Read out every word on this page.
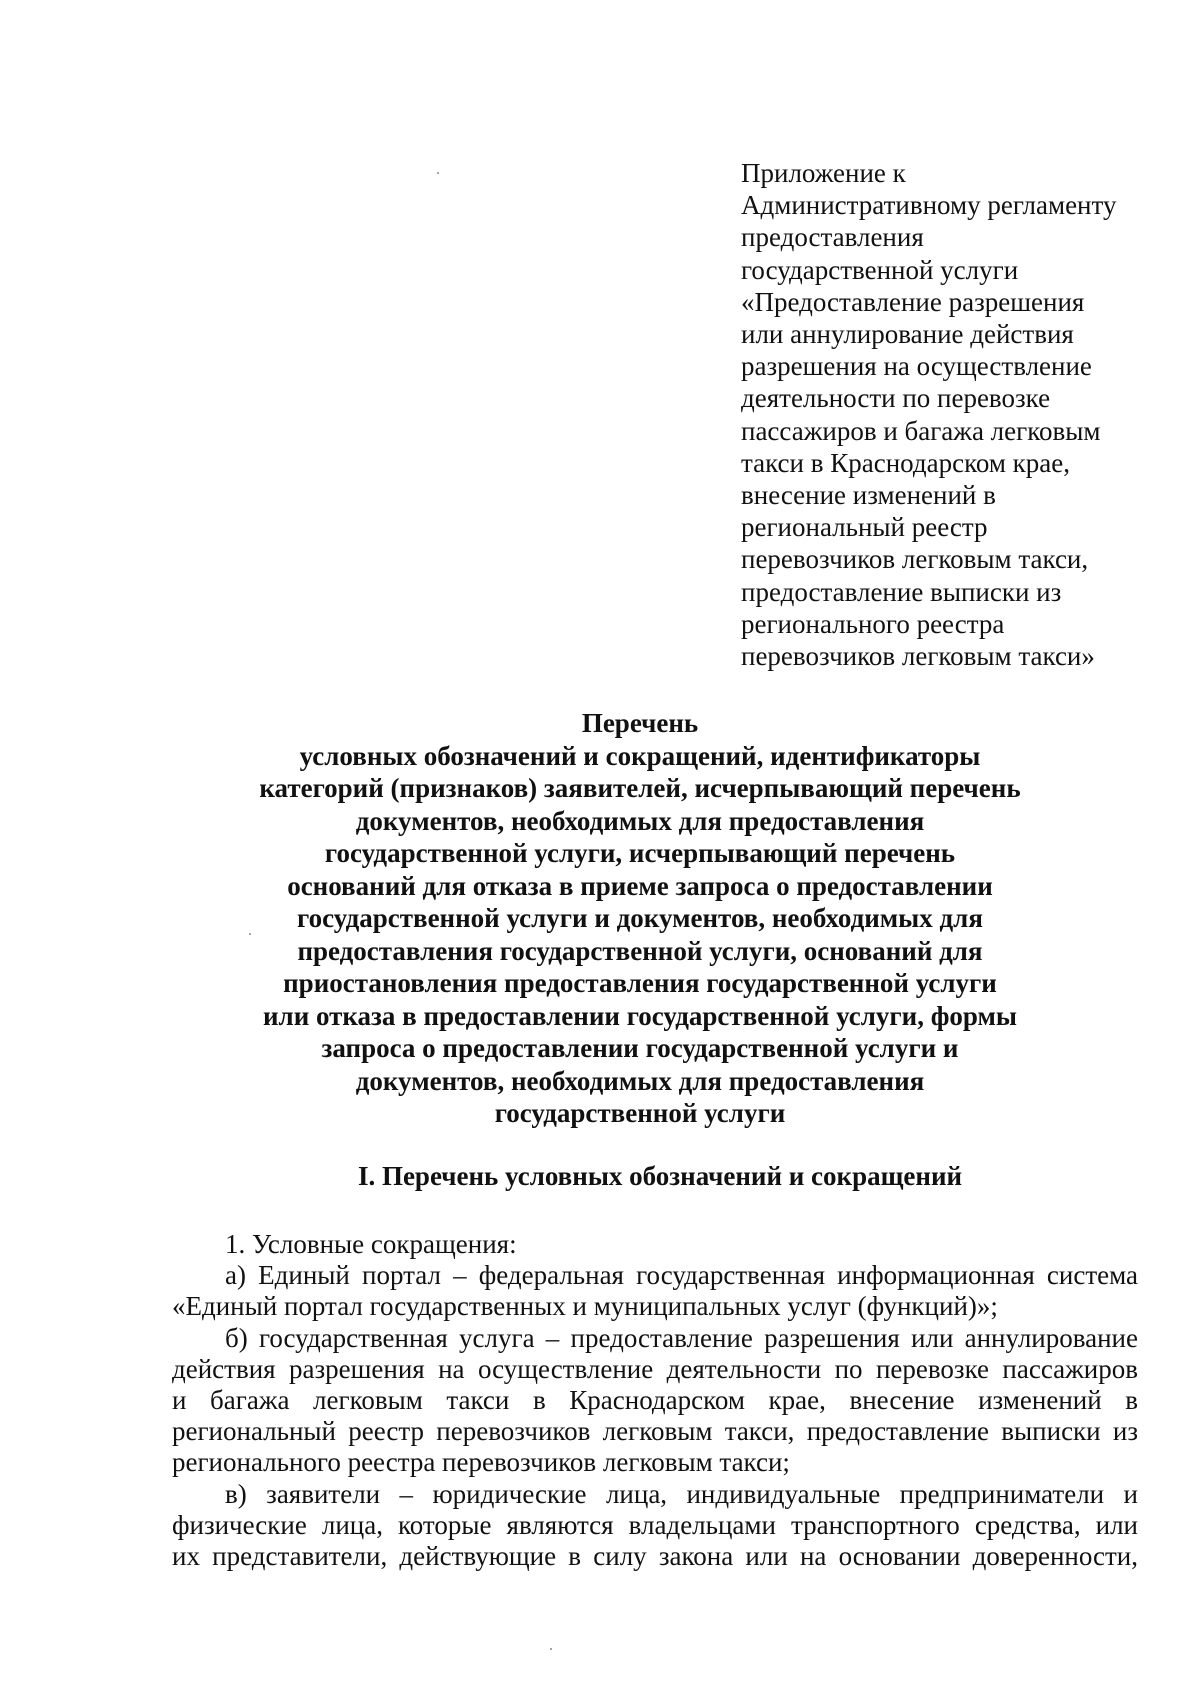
Приложение к
Административному регламенту
предоставления
государственной услуги
«Предоставление разрешения
или аннулирование действия
разрешения на осуществление
деятельности по перевозке
пассажиров и багажа легковым
такси в Краснодарском крае,
внесение изменений в
региональный реестр
перевозчиков легковым такси,
предоставление выписки из
регионального реестра
перевозчиков легковым такси»
Перечень
условных обозначений и сокращений, идентификаторы
категорий (признаков) заявителей, исчерпывающий перечень
документов, необходимых для предоставления
государственной услуги, исчерпывающий перечень
оснований для отказа в приеме запроса о предоставлении
государственной услуги и документов, необходимых для
предоставления государственной услуги, оснований для
приостановления предоставления государственной услуги
или отказа в предоставлении государственной услуги, формы
запроса о предоставлении государственной услуги и
документов, необходимых для предоставления
государственной услуги
I. Перечень условных обозначений и сокращений
1. Условные сокращения:
а) Единый портал – федеральная государственная информационная система
«Единый портал государственных и муниципальных услуг (функций)»;
б) государственная услуга – предоставление разрешения или аннулирование
действия разрешения на осуществление деятельности по перевозке пассажиров
и багажа легковым такси в Краснодарском крае, внесение изменений в
региональный реестр перевозчиков легковым такси, предоставление выписки из
регионального реестра перевозчиков легковым такси;
в) заявители – юридические лица, индивидуальные предприниматели и
физические лица, которые являются владельцами транспортного средства, или
их представители, действующие в силу закона или на основании доверенности,
